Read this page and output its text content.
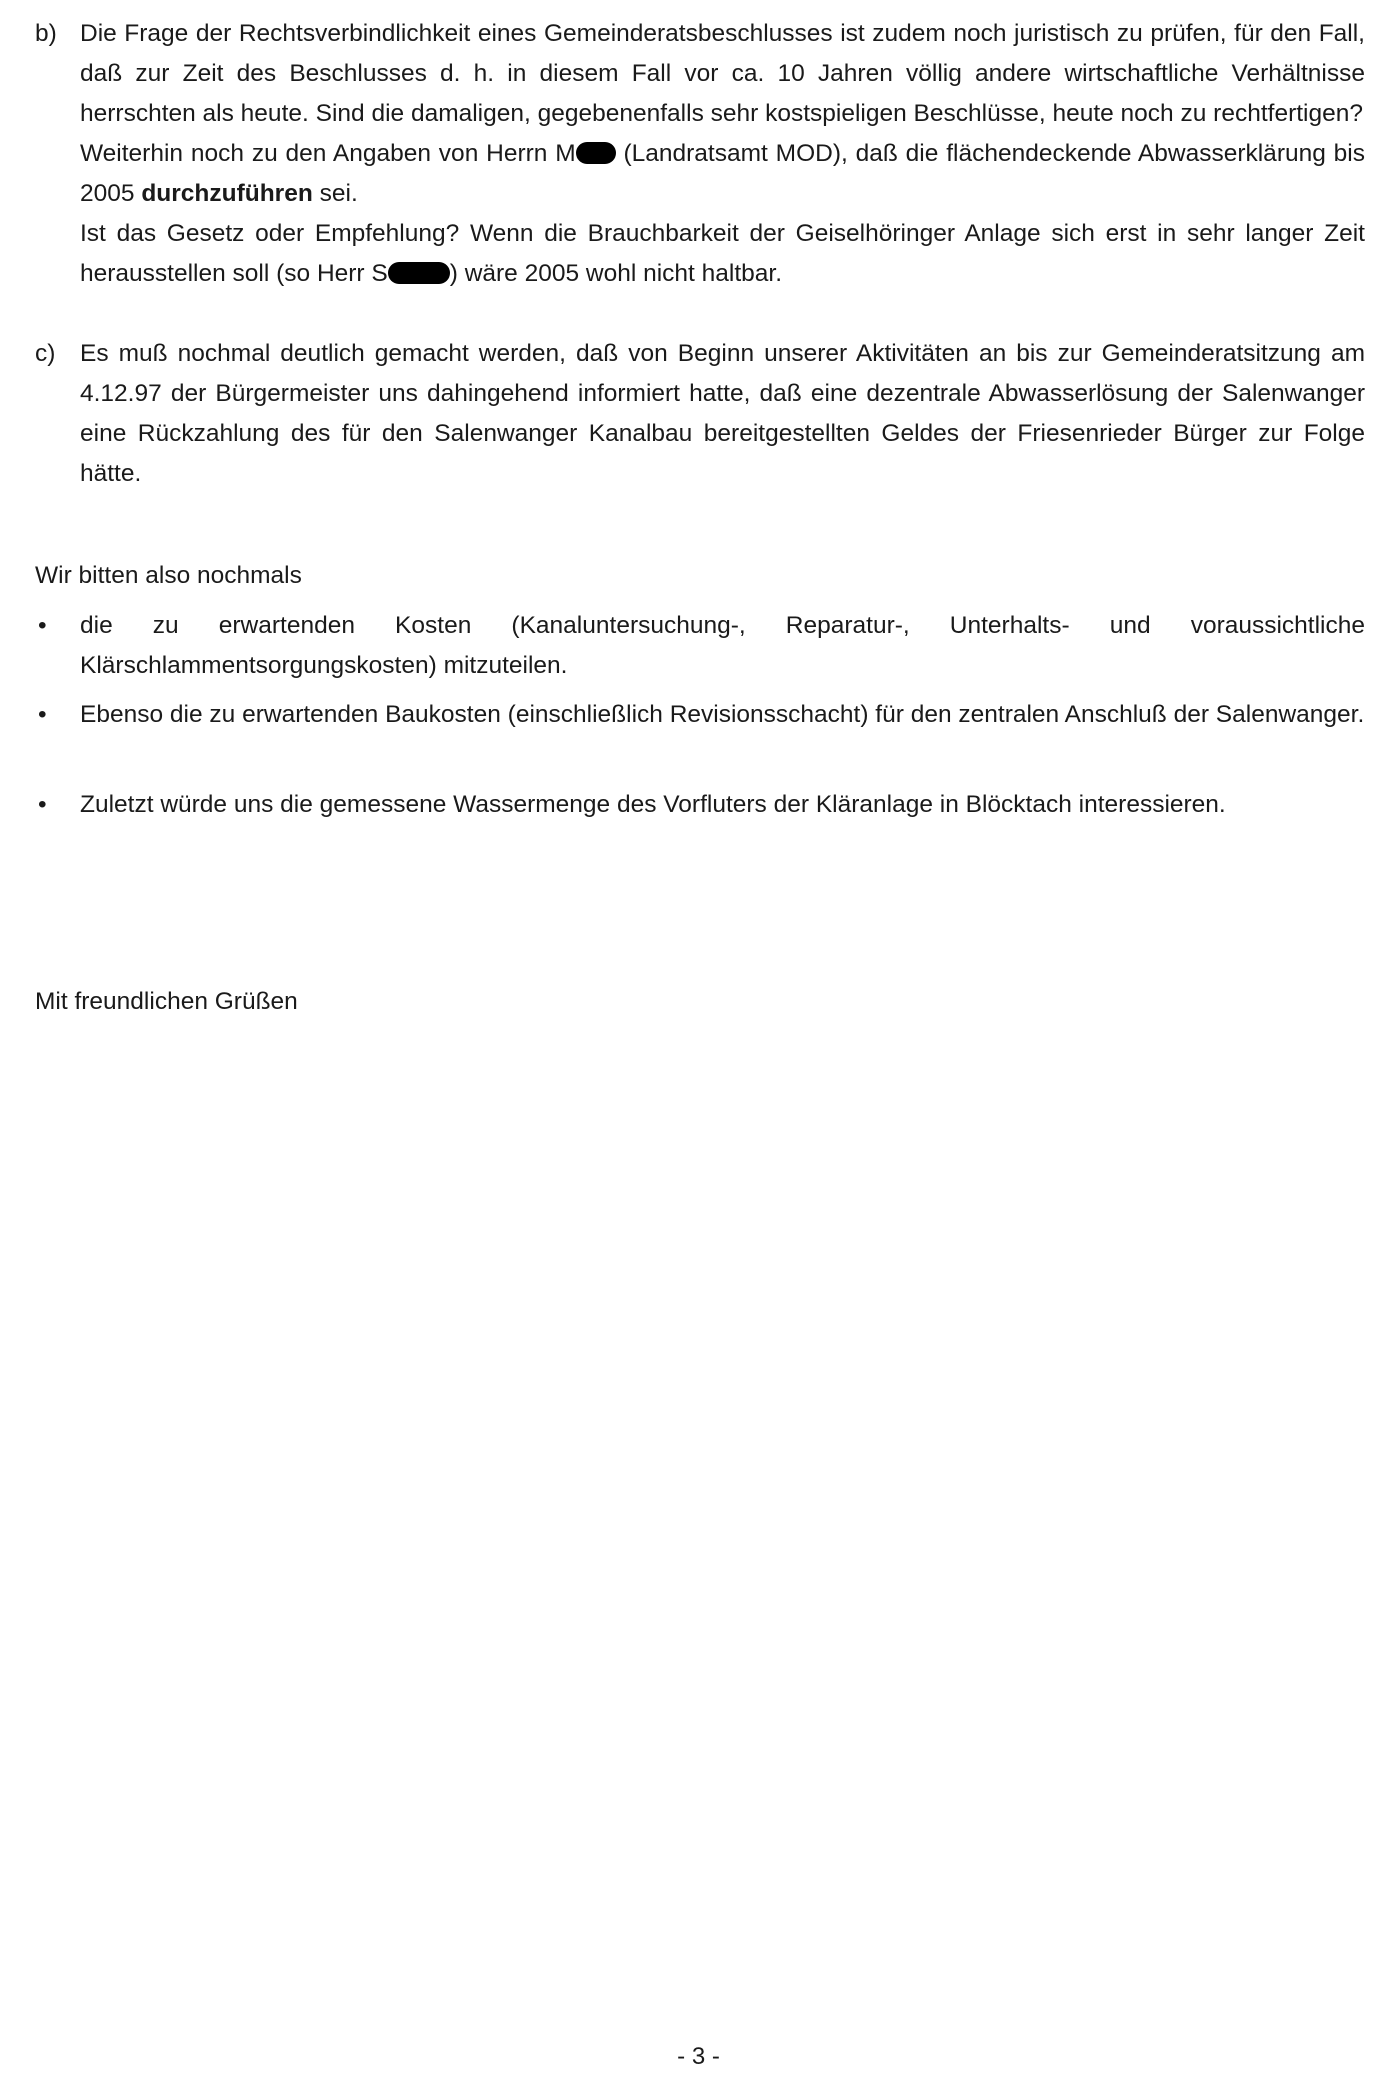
b) Die Frage der Rechtsverbindlichkeit eines Gemeinderatsbeschlusses ist zudem noch juristisch zu prüfen, für den Fall, daß zur Zeit des Beschlusses d. h. in diesem Fall vor ca. 10 Jahren völlig andere wirtschaftliche Verhältnisse herrschten als heute. Sind die damaligen, gegebenenfalls sehr kostspieligen Beschlüsse, heute noch zu rechtfertigen?

Weiterhin noch zu den Angaben von Herrn M (Landratsamt MOD), daß die flächendeckende Abwasserklärung bis 2005 durchzuführen sei.

Ist das Gesetz oder Empfehlung? Wenn die Brauchbarkeit der Geiselhöringer Anlage sich erst in sehr langer Zeit herausstellen soll (so Herr S	) wäre 2005 wohl nicht haltbar.

c)	Es muß nochmal deutlich gemacht werden, daß von Beginn unserer Aktivitäten an bis zur Gemeinderatsitzung am 4.12.97 der Bürgermeister uns dahingehend informiert hatte, daß eine dezentrale Abwasserlösung der Salenwanger eine Rückzahlung des für den Salenwanger Kanalbau bereitgestellten Geldes der Friesenrieder Bürger zur Folge hätte.

Wir bitten also nochmals
• die zu erwartenden Kosten (Kanaluntersuchung-, Reparatur-, Unterhalts- und voraussichtliche Klärschlammentsorgungskosten) mitzuteilen.
• Ebenso die zu erwartenden Baukosten (einschließlich Revisionsschacht) für den zentralen Anschluß der Salenwanger.
• Zuletzt würde uns die gemessene Wassermenge des Vorfluters der Kläranlage in Blöcktach interessieren.
Mit freundlichen Grüßen
- 3 -
